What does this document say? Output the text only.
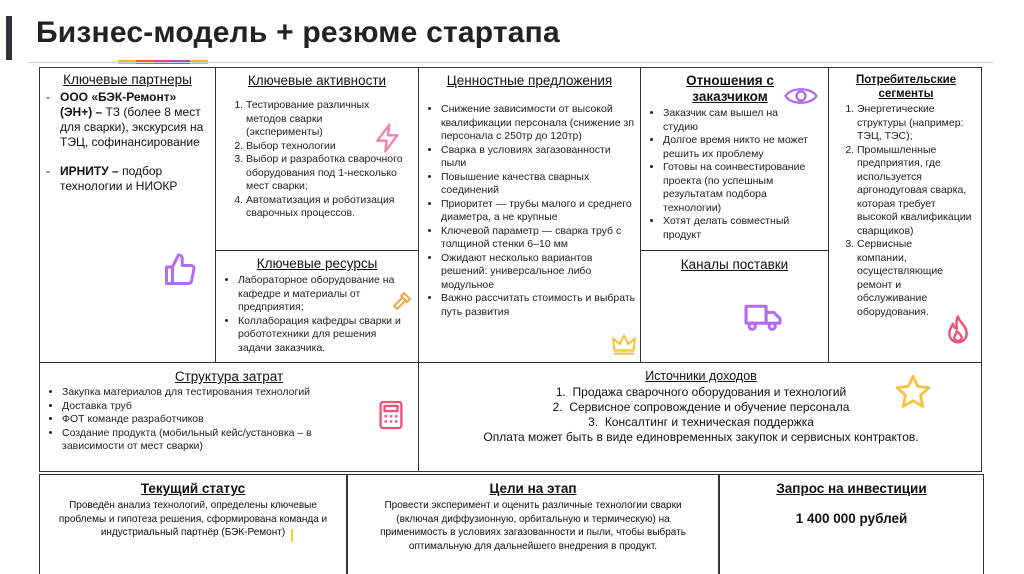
Бизнес-модель + резюме стартапа
Ключевые партнеры
- ООО «БЭК-Ремонт» (ЭН+) – ТЗ (более 8 мест для сварки), экскурсия на ТЭЦ, софинансирование
- ИРНИТУ – подбор технологии и НИОКР
Ключевые активности
1. Тестирование различных методов сварки (эксперименты)
2. Выбор технологии
3. Выбор и разработка сварочного оборудования под 1-несколько мест сварки;
4. Автоматизация и роботизация сварочных процессов.
Ключевые ресурсы
• Лабораторное оборудование на кафедре и материалы от предприятия;
• Коллаборация кафедры сварки и робототехники для решения задачи заказчика.
Ценностные предложения
• Снижение зависимости от высокой квалификации персонала (снижение зп персонала с 250тр до 120тр)
• Сварка в условиях загазованности пыли
• Повышение качества сварных соединений
• Приоритет — трубы малого и среднего диаметра, а не крупные
• Ключевой параметр — сварка труб с толщиной стенки 6–10 мм
• Ожидают несколько вариантов решений: универсальное либо модульное
• Важно рассчитать стоимость и выбрать путь развития
Отношения с заказчиком
• Заказчик сам вышел на студию
• Долгое время никто не может решить их проблему
• Готовы на соинвестирование проекта (по успешным результатам подбора технологии)
• Хотят делать совместный продукт
Каналы поставки
Потребительские сегменты
1. Энергетические структуры (например: ТЭЦ, ТЭС);
2. Промышленные предприятия, где используется аргонодуговая сварка, которая требует высокой квалификации сварщиков)
3. Сервисные компании, осуществляющие ремонт и обслуживание оборудования.
Структура затрат
• Закупка материалов для тестирования технологий
• Доставка труб
• ФОТ команде разработчиков
• Создание продукта (мобильный кейс/установка – в зависимости от мест сварки)
Источники доходов
1.  Продажа сварочного оборудования и технологий
2.  Сервисное сопровождение и обучение персонала
3.  Консалтинг и техническая поддержка
Оплата может быть в виде единовременных закупок и сервисных контрактов.
Текущий статус
Проведён анализ технологий, определены ключевые проблемы и гипотеза решения, сформирована команда и индустриальный партнёр (БЭК-Ремонт)
Цели на этап
Провести эксперимент и оценить различные технологии сварки (включая диффузионную, орбитальную и термическую) на применимость в условиях загазованности и пыли, чтобы выбрать оптимальную для дальнейшего внедрения в продукт.
Запрос на инвестиции
1 400 000 рублей
